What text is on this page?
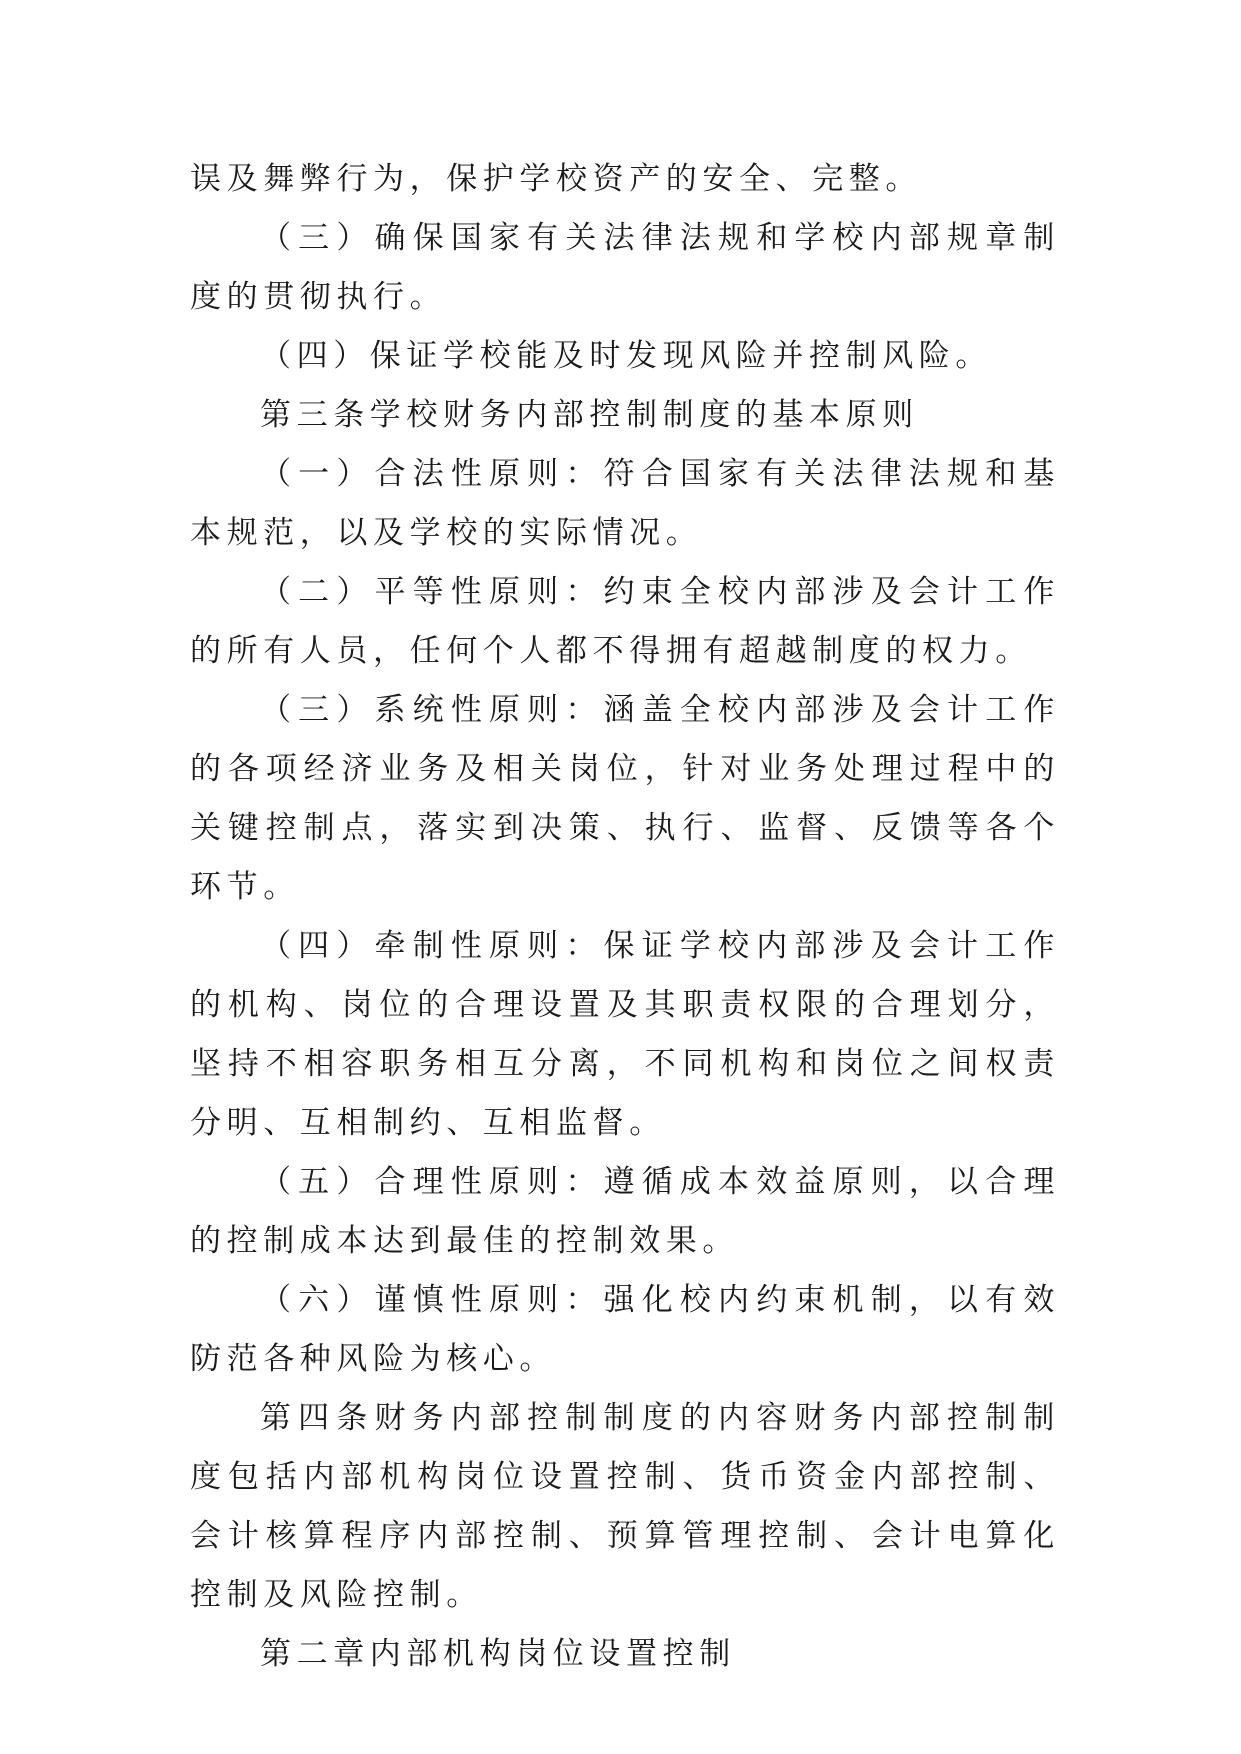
误及舞弊行为，保护学校资产的安全、完整。

（三）确保国家有关法律法规和学校内部规章制度的贯彻执行。

（四）保证学校能及时发现风险并控制风险。

第三条学校财务内部控制制度的基本原则

（一）合法性原则：符合国家有关法律法规和基本规范，以及学校的实际情况。

（二）平等性原则：约束全校内部涉及会计工作的所有人员，任何个人都不得拥有超越制度的权力。

（三）系统性原则：涵盖全校内部涉及会计工作的各项经济业务及相关岗位，针对业务处理过程中的关键控制点，落实到决策、执行、监督、反馈等各个环节。

（四）牵制性原则：保证学校内部涉及会计工作的机构、岗位的合理设置及其职责权限的合理划分，坚持不相容职务相互分离，不同机构和岗位之间权责分明、互相制约、互相监督。

（五）合理性原则：遵循成本效益原则，以合理的控制成本达到最佳的控制效果。

（六）谨慎性原则：强化校内约束机制，以有效防范各种风险为核心。

第四条财务内部控制制度的内容财务内部控制制度包括内部机构岗位设置控制、货币资金内部控制、会计核算程序内部控制、预算管理控制、会计电算化控制及风险控制。

第二章内部机构岗位设置控制
